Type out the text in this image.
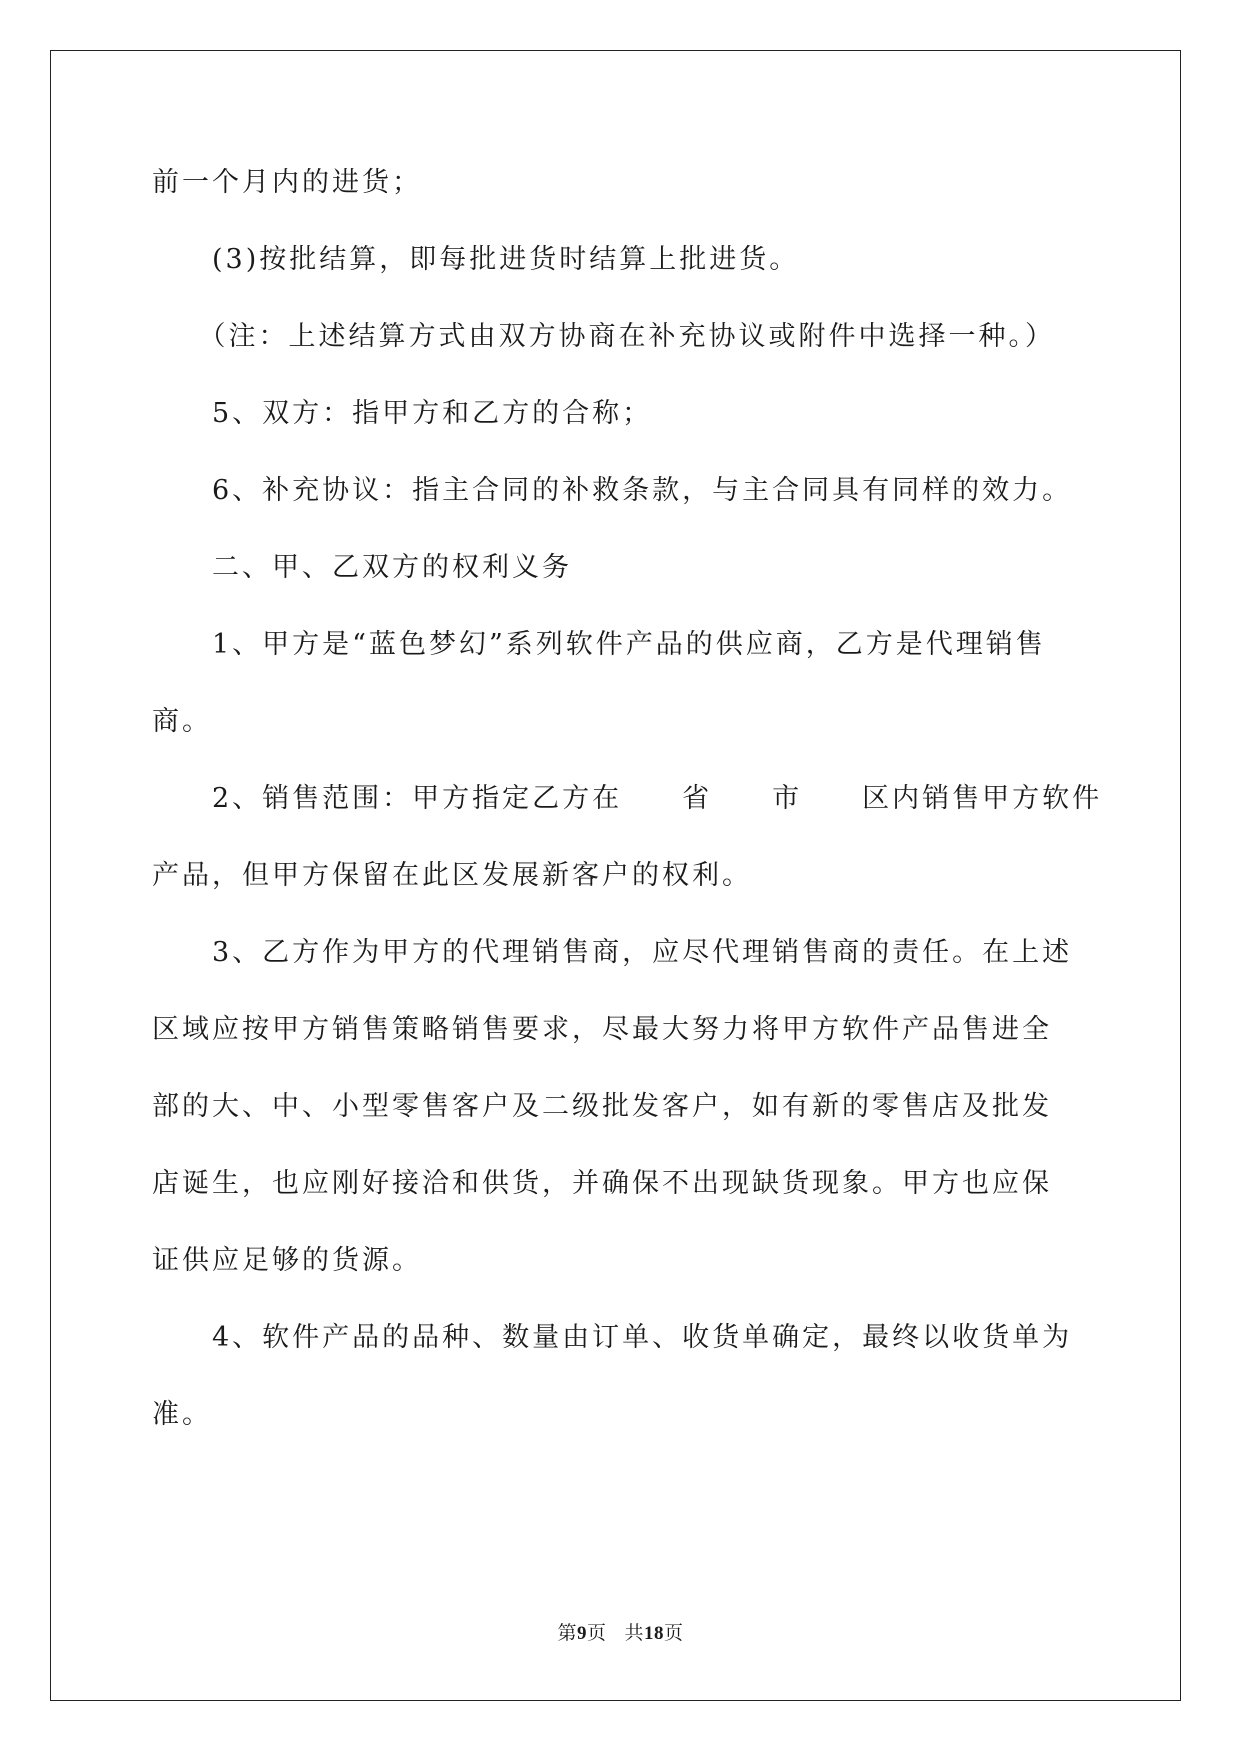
前一个月内的进货；
　　(3)按批结算，即每批进货时结算上批进货。
　　（注：上述结算方式由双方协商在补充协议或附件中选择一种。）
　　5、双方：指甲方和乙方的合称；
　　6、补充协议：指主合同的补救条款，与主合同具有同样的效力。
　　二、甲、乙双方的权利义务
　　1、甲方是“蓝色梦幻”系列软件产品的供应商，乙方是代理销售
商。
　　2、销售范围：甲方指定乙方在　　省　　市　　区内销售甲方软件
产品，但甲方保留在此区发展新客户的权利。
　　3、乙方作为甲方的代理销售商，应尽代理销售商的责任。在上述
区域应按甲方销售策略销售要求，尽最大努力将甲方软件产品售进全
部的大、中、小型零售客户及二级批发客户，如有新的零售店及批发
店诞生，也应刚好接洽和供货，并确保不出现缺货现象。甲方也应保
证供应足够的货源。
　　4、软件产品的品种、数量由订单、收货单确定，最终以收货单为
准。
第9页 共18页
